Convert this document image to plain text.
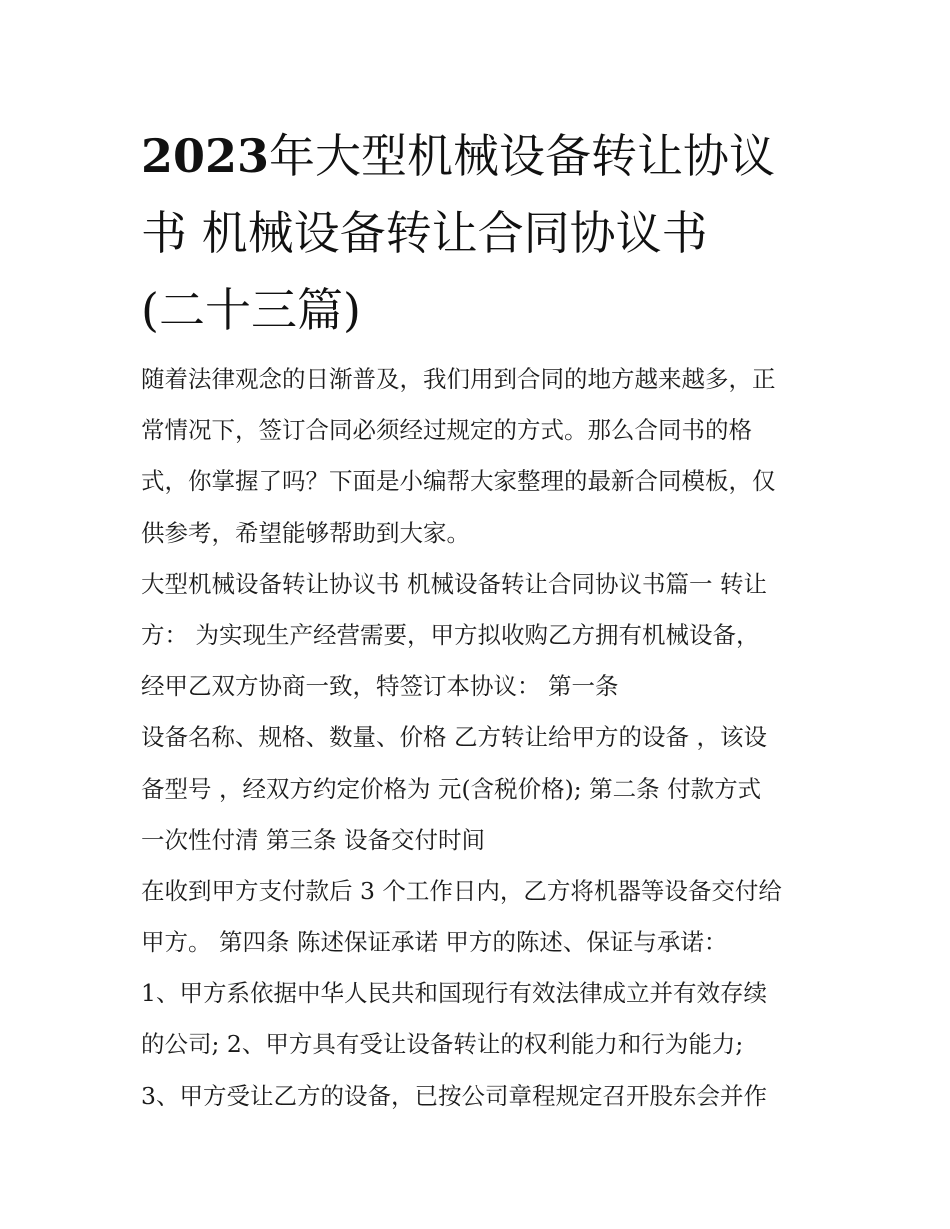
2023年大型机械设备转让协议
书 机械设备转让合同协议书
(二十三篇)
随着法律观念的日渐普及，我们用到合同的地方越来越多，正
常情况下，签订合同必须经过规定的方式。那么合同书的格
式，你掌握了吗？下面是小编帮大家整理的最新合同模板，仅
供参考，希望能够帮助到大家。
大型机械设备转让协议书 机械设备转让合同协议书篇一 转让
方： 为实现生产经营需要，甲方拟收购乙方拥有机械设备，
经甲乙双方协商一致，特签订本协议： 第一条
设备名称、规格、数量、价格 乙方转让给甲方的设备 ，该设
备型号 ，经双方约定价格为 元(含税价格); 第二条 付款方式
一次性付清 第三条 设备交付时间
在收到甲方支付款后 3 个工作日内，乙方将机器等设备交付给
甲方。 第四条 陈述保证承诺 甲方的陈述、保证与承诺：
1、甲方系依据中华人民共和国现行有效法律成立并有效存续
的公司; 2、甲方具有受让设备转让的权利能力和行为能力;
3、甲方受让乙方的设备，已按公司章程规定召开股东会并作
